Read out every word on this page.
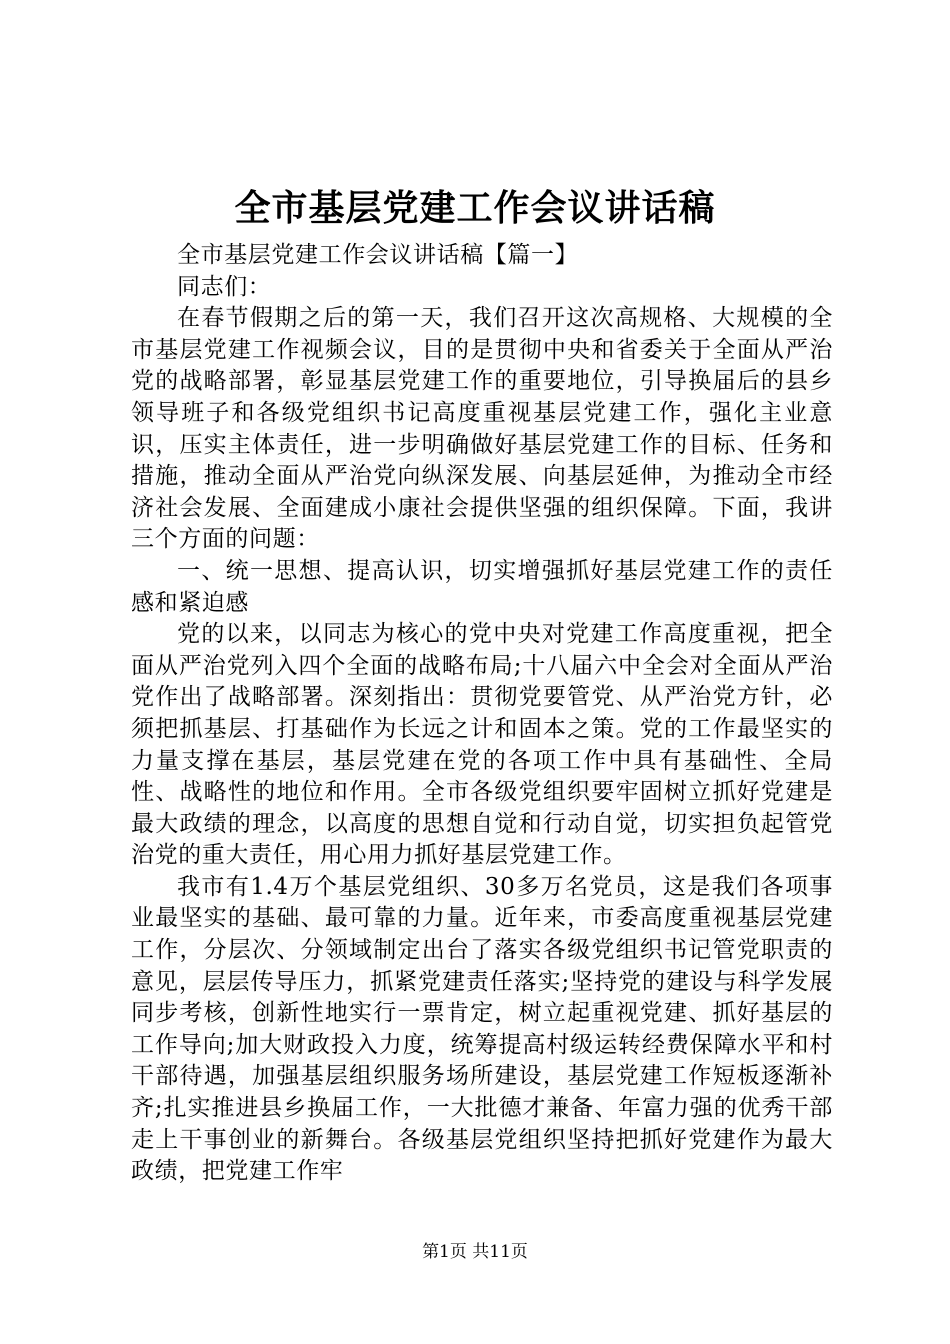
全市基层党建工作会议讲话稿

全市基层党建工作会议讲话稿【篇一】

同志们：

在春节假期之后的第一天，我们召开这次高规格、大规模的全市基层党建工作视频会议，目的是贯彻中央和省委关于全面从严治党的战略部署，彰显基层党建工作的重要地位，引导换届后的县乡领导班子和各级党组织书记高度重视基层党建工作，强化主业意识，压实主体责任，进一步明确做好基层党建工作的目标、任务和措施，推动全面从严治党向纵深发展、向基层延伸，为推动全市经济社会发展、全面建成小康社会提供坚强的组织保障。下面，我讲三个方面的问题：

一、统一思想、提高认识，切实增强抓好基层党建工作的责任感和紧迫感

党的以来，以同志为核心的党中央对党建工作高度重视，把全面从严治党列入四个全面的战略布局;十八届六中全会对全面从严治党作出了战略部署。深刻指出：贯彻党要管党、从严治党方针，必须把抓基层、打基础作为长远之计和固本之策。党的工作最坚实的力量支撑在基层，基层党建在党的各项工作中具有基础性、全局性、战略性的地位和作用。全市各级党组织要牢固树立抓好党建是最大政绩的理念，以高度的思想自觉和行动自觉，切实担负起管党治党的重大责任，用心用力抓好基层党建工作。

我市有1.4万个基层党组织、30多万名党员，这是我们各项事业最坚实的基础、最可靠的力量。近年来，市委高度重视基层党建工作，分层次、分领域制定出台了落实各级党组织书记管党职责的意见，层层传导压力，抓紧党建责任落实;坚持党的建设与科学发展同步考核，创新性地实行一票肯定，树立起重视党建、抓好基层的工作导向;加大财政投入力度，统筹提高村级运转经费保障水平和村干部待遇，加强基层组织服务场所建设，基层党建工作短板逐渐补齐;扎实推进县乡换届工作，一大批德才兼备、年富力强的优秀干部走上干事创业的新舞台。各级基层党组织坚持把抓好党建作为最大政绩，把党建工作牢

第1页 共11页
